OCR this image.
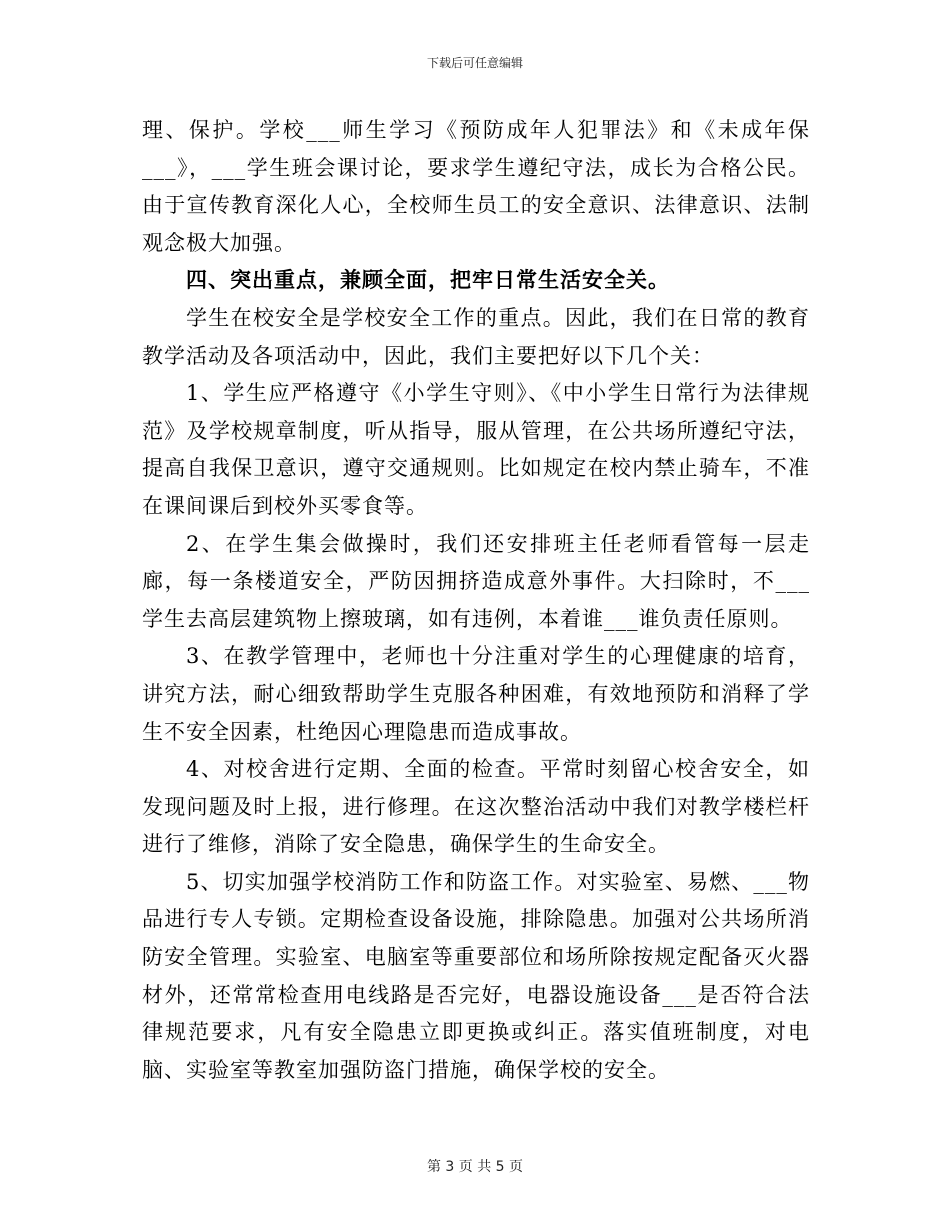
下载后可任意编辑

理、保护。学校___师生学习《预防成年人犯罪法》和《未成年保___》，___学生班会课讨论，要求学生遵纪守法，成长为合格公民。由于宣传教育深化人心，全校师生员工的安全意识、法律意识、法制观念极大加强。

四、突出重点，兼顾全面，把牢日常生活安全关。

学生在校安全是学校安全工作的重点。因此，我们在日常的教育教学活动及各项活动中，因此，我们主要把好以下几个关：

1、学生应严格遵守《小学生守则》、《中小学生日常行为法律规范》及学校规章制度，听从指导，服从管理，在公共场所遵纪守法，提高自我保卫意识，遵守交通规则。比如规定在校内禁止骑车，不准在课间课后到校外买零食等。

2、在学生集会做操时，我们还安排班主任老师看管每一层走廊，每一条楼道安全，严防因拥挤造成意外事件。大扫除时，不___学生去高层建筑物上擦玻璃，如有违例，本着谁___谁负责任原则。

3、在教学管理中，老师也十分注重对学生的心理健康的培育，讲究方法，耐心细致帮助学生克服各种困难，有效地预防和消释了学生不安全因素，杜绝因心理隐患而造成事故。

4、对校舍进行定期、全面的检查。平常时刻留心校舍安全，如发现问题及时上报，进行修理。在这次整治活动中我们对教学楼栏杆进行了维修，消除了安全隐患，确保学生的生命安全。

5、切实加强学校消防工作和防盗工作。对实验室、易燃、___物品进行专人专锁。定期检查设备设施，排除隐患。加强对公共场所消防安全管理。实验室、电脑室等重要部位和场所除按规定配备灭火器材外，还常常检查用电线路是否完好，电器设施设备___是否符合法律规范要求，凡有安全隐患立即更换或纠正。落实值班制度，对电脑、实验室等教室加强防盗门措施，确保学校的安全。

第 3 页 共 5 页
